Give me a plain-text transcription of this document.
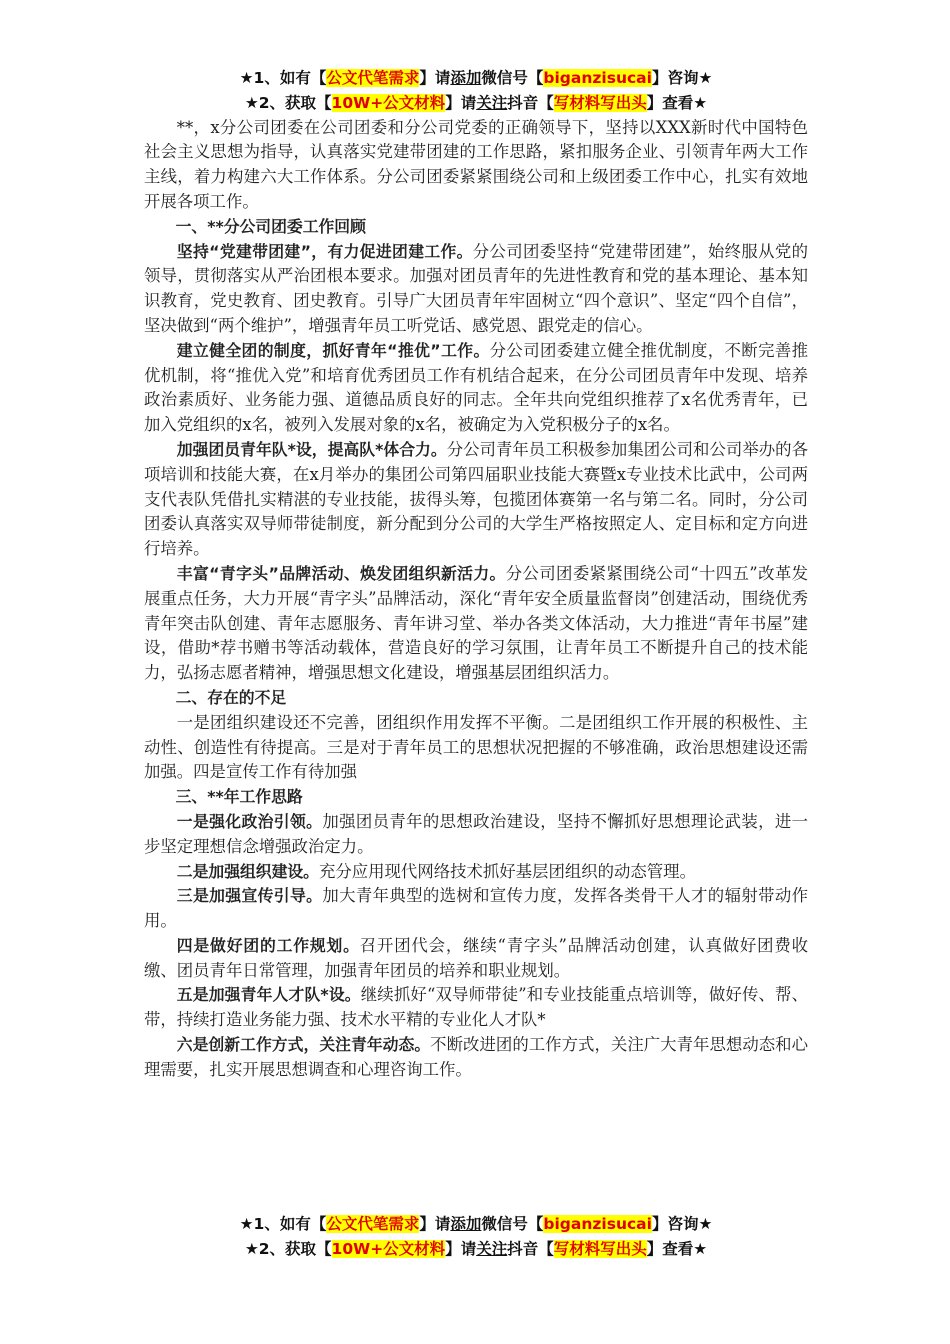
★1、如有【公文代笔需求】请添加微信号【biganzisucai】咨询★
★2、获取【10W+公文材料】请关注抖音【写材料写出头】查看★

**，x分公司团委在公司团委和分公司党委的正确领导下，坚持以XXX新时代中国特色社会主义思想为指导，认真落实党建带团建的工作思路，紧扣服务企业、引领青年两大工作主线，着力构建六大工作体系。分公司团委紧紧围绕公司和上级团委工作中心，扎实有效地开展各项工作。

一、**分公司团委工作回顾

坚持“党建带团建”，有力促进团建工作。分公司团委坚持“党建带团建”，始终服从党的领导，贯彻落实从严治团根本要求。加强对团员青年的先进性教育和党的基本理论、基本知识教育，党史教育、团史教育。引导广大团员青年牢固树立“四个意识”、坚定“四个自信”，坚决做到“两个维护”，增强青年员工听党话、感党恩、跟党走的信心。

建立健全团的制度，抓好青年“推优”工作。分公司团委建立健全推优制度，不断完善推优机制，将“推优入党”和培育优秀团员工作有机结合起来，在分公司团员青年中发现、培养政治素质好、业务能力强、道德品质良好的同志。全年共向党组织推荐了x名优秀青年，已加入党组织的x名，被列入发展对象的x名，被确定为入党积极分子的x名。

加强团员青年队*设，提高队*体合力。分公司青年员工积极参加集团公司和公司举办的各项培训和技能大赛，在x月举办的集团公司第四届职业技能大赛暨x专业技术比武中，公司两支代表队凭借扎实精湛的专业技能，拔得头筹，包揽团体赛第一名与第二名。同时，分公司团委认真落实双导师带徒制度，新分配到分公司的大学生严格按照定人、定目标和定方向进行培养。

丰富“青字头”品牌活动、焕发团组织新活力。分公司团委紧紧围绕公司“十四五”改革发展重点任务，大力开展“青字头”品牌活动，深化“青年安全质量监督岗”创建活动，围绕优秀青年突击队创建、青年志愿服务、青年讲习堂、举办各类文体活动，大力推进“青年书屋”建设，借助*荐书赠书等活动载体，营造良好的学习氛围，让青年员工不断提升自己的技术能力，弘扬志愿者精神，增强思想文化建设，增强基层团组织活力。

二、存在的不足

一是团组织建设还不完善，团组织作用发挥不平衡。二是团组织工作开展的积极性、主动性、创造性有待提高。三是对于青年员工的思想状况把握的不够准确，政治思想建设还需加强。四是宣传工作有待加强

三、**年工作思路

一是强化政治引领。加强团员青年的思想政治建设，坚持不懈抓好思想理论武装，进一步坚定理想信念增强政治定力。

二是加强组织建设。充分应用现代网络技术抓好基层团组织的动态管理。

三是加强宣传引导。加大青年典型的选树和宣传力度，发挥各类骨干人才的辐射带动作用。

四是做好团的工作规划。召开团代会，继续“青字头”品牌活动创建，认真做好团费收缴、团员青年日常管理，加强青年团员的培养和职业规划。

五是加强青年人才队*设。继续抓好“双导师带徒”和专业技能重点培训等，做好传、帮、带，持续打造业务能力强、技术水平精的专业化人才队*

六是创新工作方式，关注青年动态。不断改进团的工作方式，关注广大青年思想动态和心理需要，扎实开展思想调查和心理咨询工作。

★1、如有【公文代笔需求】请添加微信号【biganzisucai】咨询★
★2、获取【10W+公文材料】请关注抖音【写材料写出头】查看★
